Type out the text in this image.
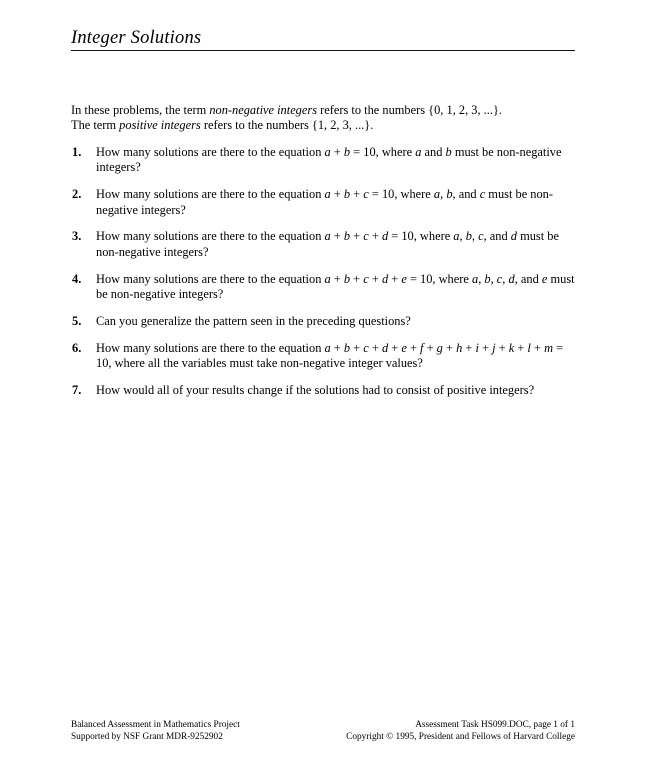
Integer Solutions

In these problems, the term non-negative integers refers to the numbers {0, 1, 2, 3, ...}.
The term positive integers refers to the numbers {1, 2, 3, ...}.

1. How many solutions are there to the equation a + b = 10, where a and b must be non-negative integers?
2. How many solutions are there to the equation a + b + c = 10, where a, b, and c must be non-negative integers?
3. How many solutions are there to the equation a + b + c + d = 10, where a, b, c, and d must be non-negative integers?
4. How many solutions are there to the equation a + b + c + d + e = 10, where a, b, c, d, and e must be non-negative integers?
5. Can you generalize the pattern seen in the preceding questions?
6. How many solutions are there to the equation a + b + c + d + e + f + g + h + i + j + k + l + m = 10, where all the variables must take non-negative integer values?
7. How would all of your results change if the solutions had to consist of positive integers?
Balanced Assessment in Mathematics Project
Supported by NSF Grant MDR-9252902
Assessment Task HS099.DOC, page 1 of 1
Copyright © 1995, President and Fellows of Harvard College
